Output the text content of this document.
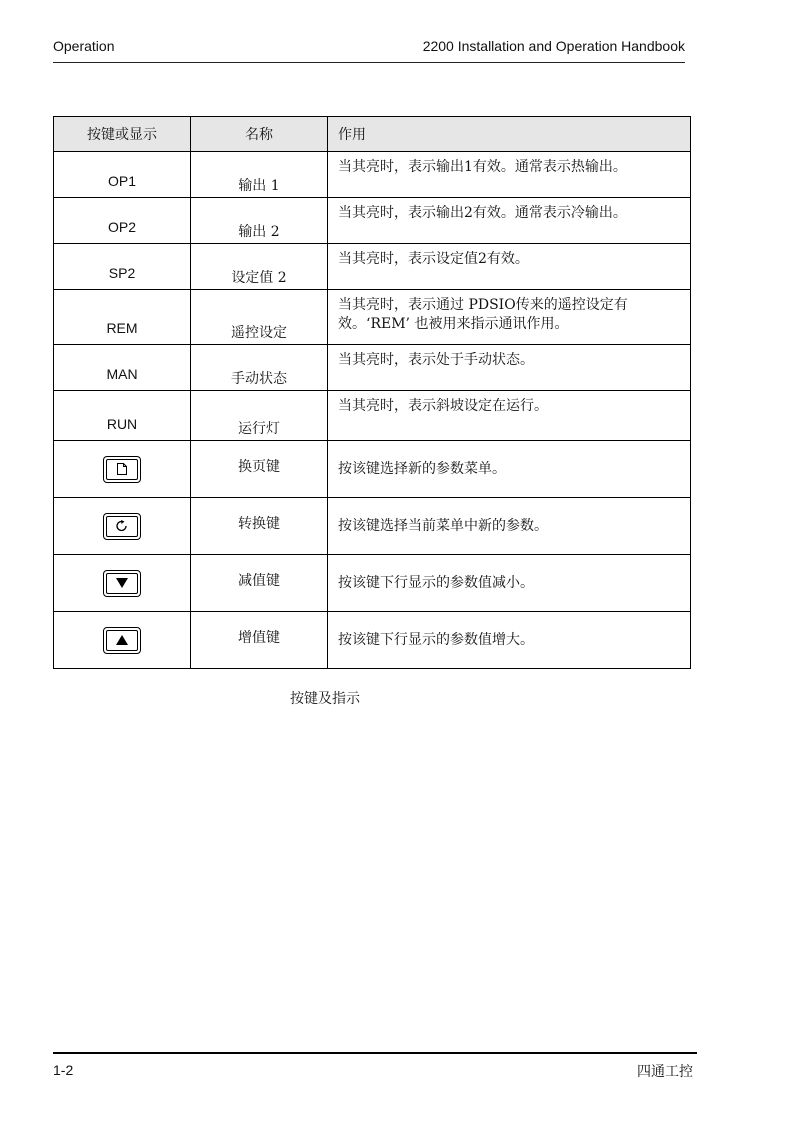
Operation	2200 Installation and Operation Handbook
按键或显示	名称	作用
OP1	输出 1	当其亮时，表示输出1有效。通常表示热输出。
OP2	输出 2	当其亮时，表示输出2有效。通常表示冷输出。
SP2	设定值 2	当其亮时，表示设定值2有效。
REM	遥控设定	当其亮时，表示通过 PDSIO传来的遥控设定有效。‘REM’ 也被用来指示通讯作用。
MAN	手动状态	当其亮时，表示处于手动状态。
RUN	运行灯	当其亮时，表示斜坡设定在运行。

	换页键	按该键选择新的参数菜单。

	转换键	按该键选择当前菜单中新的参数。

	减值键	按该键下行显示的参数值减小。

	增值键	按该键下行显示的参数值增大。
按键及指示
1-2	四通工控
